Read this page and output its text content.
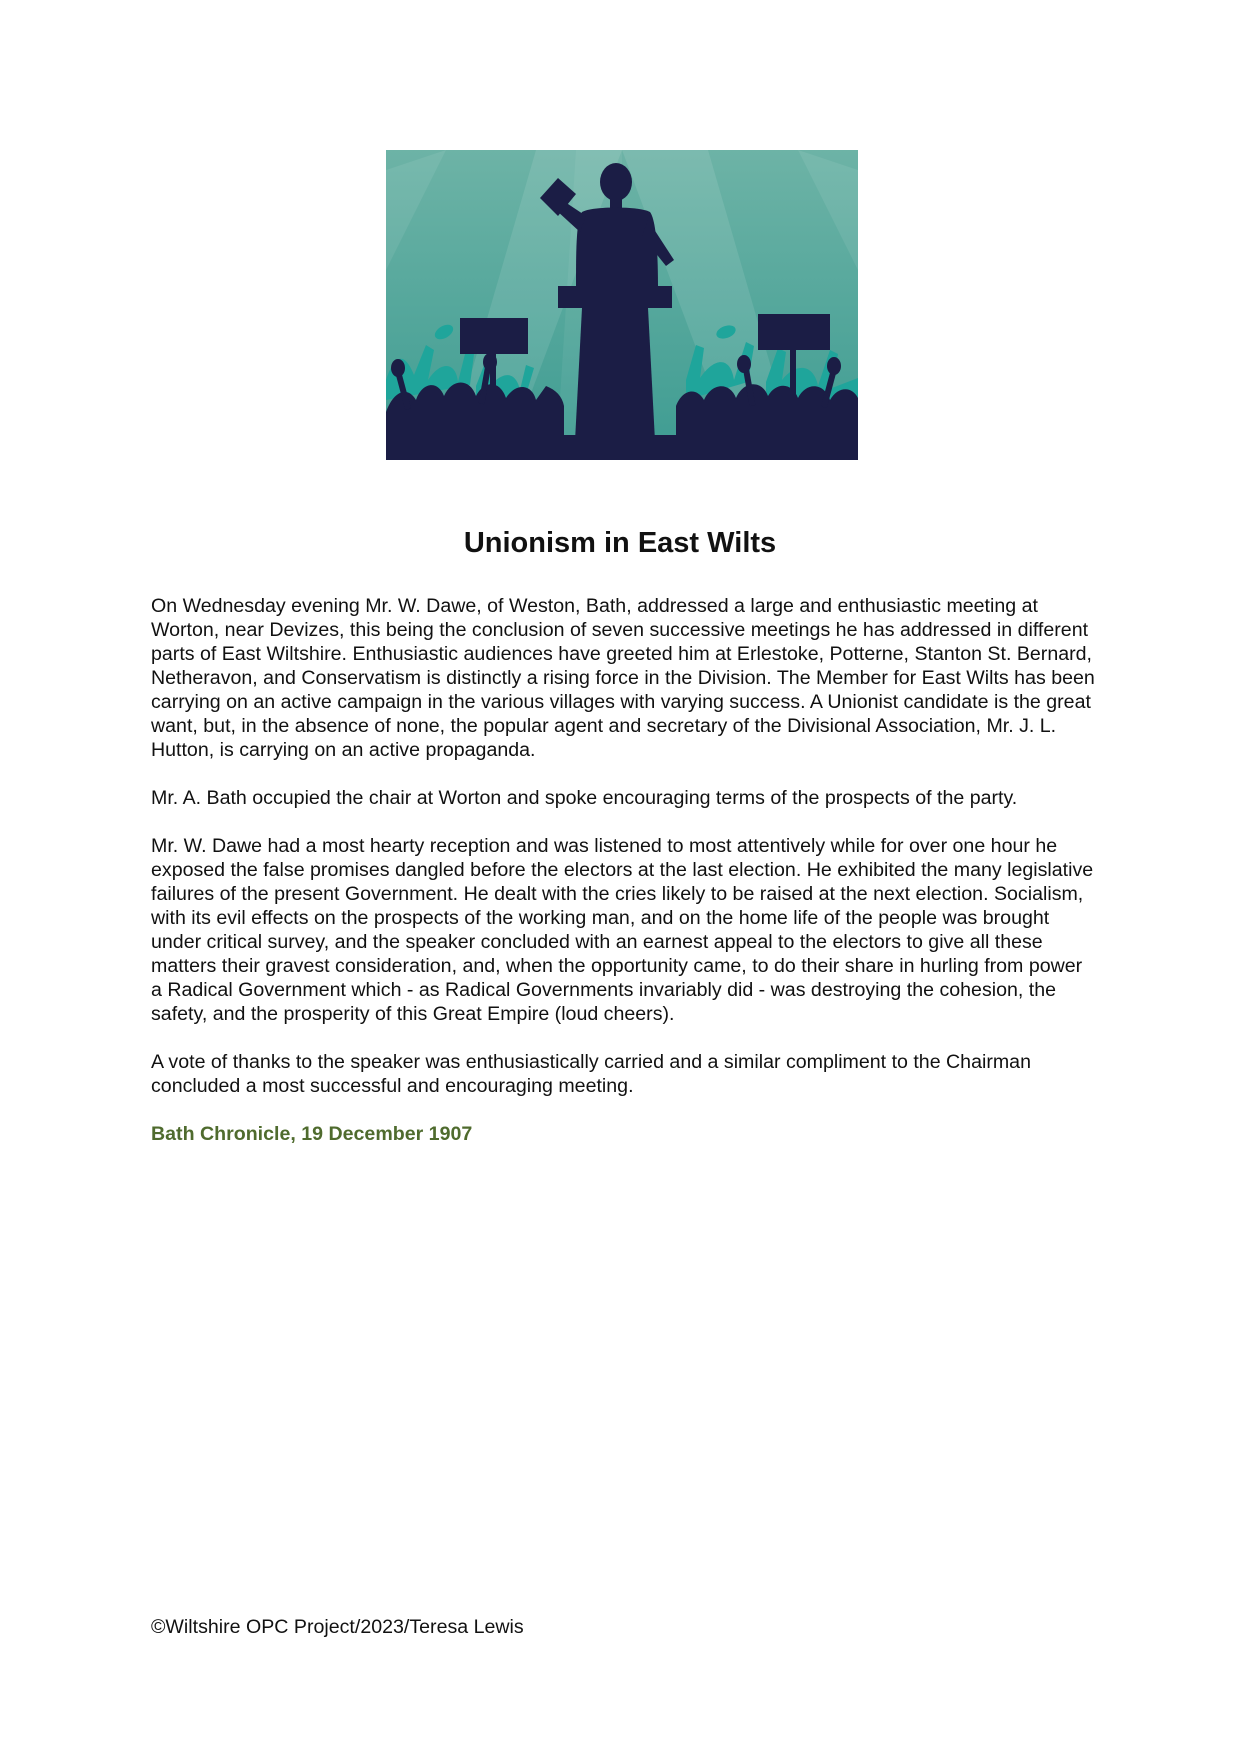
Unionism in East Wilts

On Wednesday evening Mr. W. Dawe, of Weston, Bath, addressed a large and enthusiastic meeting at Worton, near Devizes, this being the conclusion of seven successive meetings he has addressed in different parts of East Wiltshire. Enthusiastic audiences have greeted him at Erlestoke, Potterne, Stanton St. Bernard, Netheravon, and Conservatism is distinctly a rising force in the Division. The Member for East Wilts has been carrying on an active campaign in the various villages with varying success. A Unionist candidate is the great want, but, in the absence of none, the popular agent and secretary of the Divisional Association, Mr. J. L. Hutton, is carrying on an active propaganda.

Mr. A. Bath occupied the chair at Worton and spoke encouraging terms of the prospects of the party.

Mr. W. Dawe had a most hearty reception and was listened to most attentively while for over one hour he exposed the false promises dangled before the electors at the last election. He exhibited the many legislative failures of the present Government. He dealt with the cries likely to be raised at the next election. Socialism, with its evil effects on the prospects of the working man, and on the home life of the people was brought under critical survey, and the speaker concluded with an earnest appeal to the electors to give all these matters their gravest consideration, and, when the opportunity came, to do their share in hurling from power a Radical Government which - as Radical Governments invariably did - was destroying the cohesion, the safety, and the prosperity of this Great Empire (loud cheers).

A vote of thanks to the speaker was enthusiastically carried and a similar compliment to the Chairman concluded a most successful and encouraging meeting.

Bath Chronicle, 19 December 1907

©Wiltshire OPC Project/2023/Teresa Lewis
